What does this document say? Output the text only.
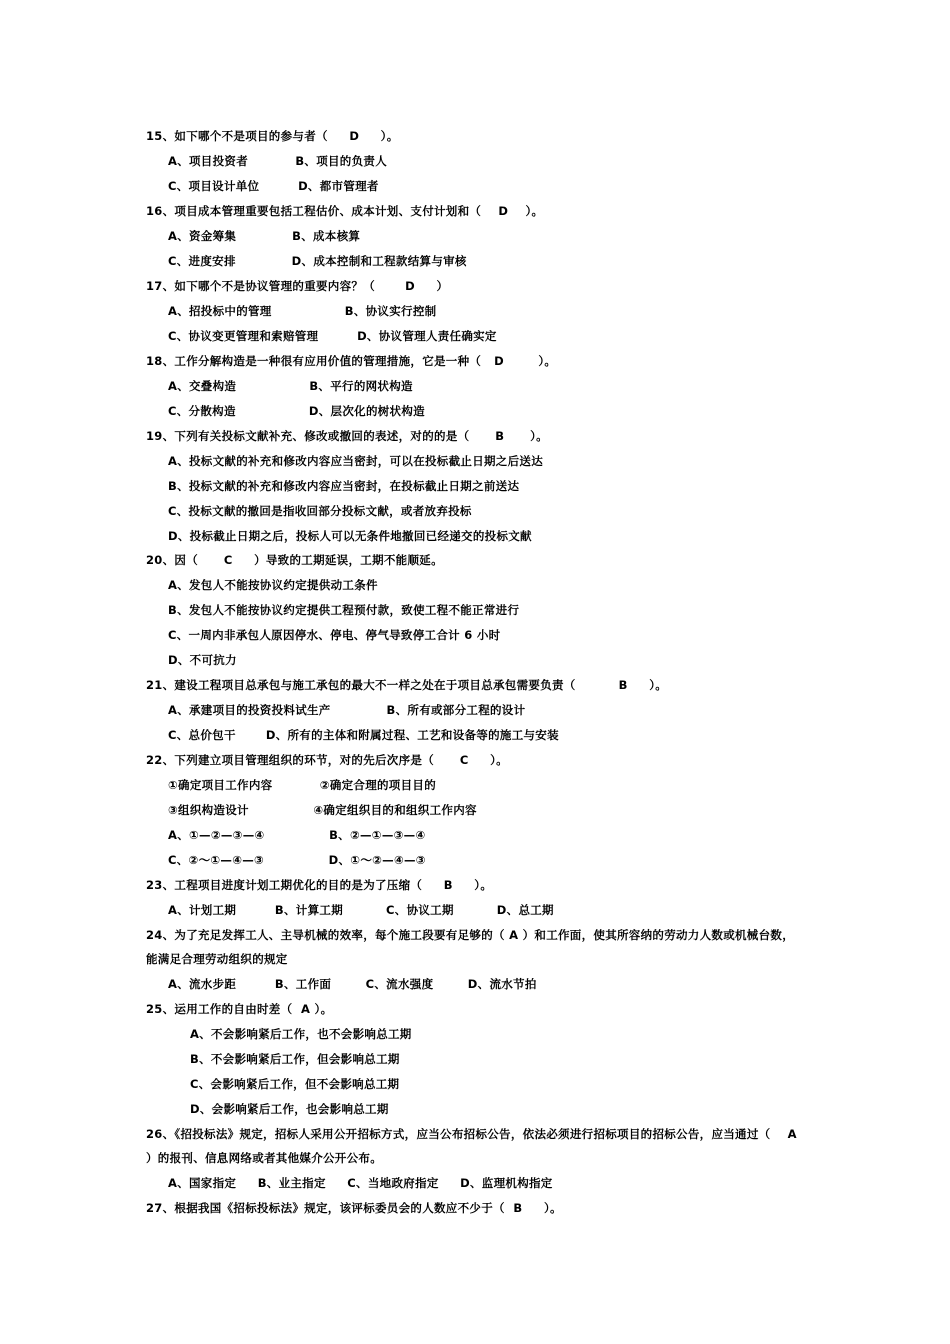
15、如下哪个不是项目的参与者（     D     ）。
A、项目投资者           B、项目的负责人
C、项目设计单位         D、都市管理者
16、项目成本管理重要包括工程估价、成本计划、支付计划和（    D    ）。
A、资金筹集             B、成本核算
C、进度安排             D、成本控制和工程款结算与审核
17、如下哪个不是协议管理的重要内容？（       D     ）
A、招投标中的管理                 B、协议实行控制
C、协议变更管理和索赔管理         D、协议管理人责任确实定
18、工作分解构造是一种很有应用价值的管理措施，它是一种（   D        ）。
A、交叠构造                 B、平行的网状构造
C、分散构造                 D、层次化的树状构造
19、下列有关投标文献补充、修改或撤回的表述，对的的是（      B      ）。
A、投标文献的补充和修改内容应当密封，可以在投标截止日期之后送达
B、投标文献的补充和修改内容应当密封，在投标截止日期之前送达
C、投标文献的撤回是指收回部分投标文献，或者放弃投标
D、投标截止日期之后，投标人可以无条件地撤回已经递交的投标文献
20、因（      C     ）导致的工期延误，工期不能顺延。
A、发包人不能按协议约定提供动工条件
B、发包人不能按协议约定提供工程预付款，致使工程不能正常进行
C、一周内非承包人原因停水、停电、停气导致停工合计 6 小时
D、不可抗力
21、建设工程项目总承包与施工承包的最大不一样之处在于项目总承包需要负责（          B     ）。
A、承建项目的投资投料试生产             B、所有或部分工程的设计
C、总价包干       D、所有的主体和附属过程、工艺和设备等的施工与安装
22、下列建立项目管理组织的环节，对的先后次序是（      C     ）。
①确定项目工作内容           ②确定合理的项目目的
③组织构造设计               ④确定组织目的和组织工作内容
A、①—②—③—④               B、②—①—③—④
C、②～①—④—③               D、①～②—④—③
23、工程项目进度计划工期优化的目的是为了压缩（     B     ）。
A、计划工期         B、计算工期          C、协议工期          D、总工期
24、为了充足发挥工人、主导机械的效率，每个施工段要有足够的（ A ）和工作面，使其所容纳的劳动力人数或机械台数，
能满足合理劳动组织的规定
A、流水步距         B、工作面        C、流水强度        D、流水节拍
25、运用工作的自由时差（  A ）。
A、不会影响紧后工作，也不会影响总工期
B、不会影响紧后工作，但会影响总工期
C、会影响紧后工作，但不会影响总工期
D、会影响紧后工作，也会影响总工期
26、《招投标法》规定，招标人采用公开招标方式，应当公布招标公告，依法必须进行招标项目的招标公告，应当通过（    A
）的报刊、信息网络或者其他媒介公开公布。
A、国家指定     B、业主指定     C、当地政府指定     D、监理机构指定
27、根据我国《招标投标法》规定，该评标委员会的人数应不少于（  B     ）。
